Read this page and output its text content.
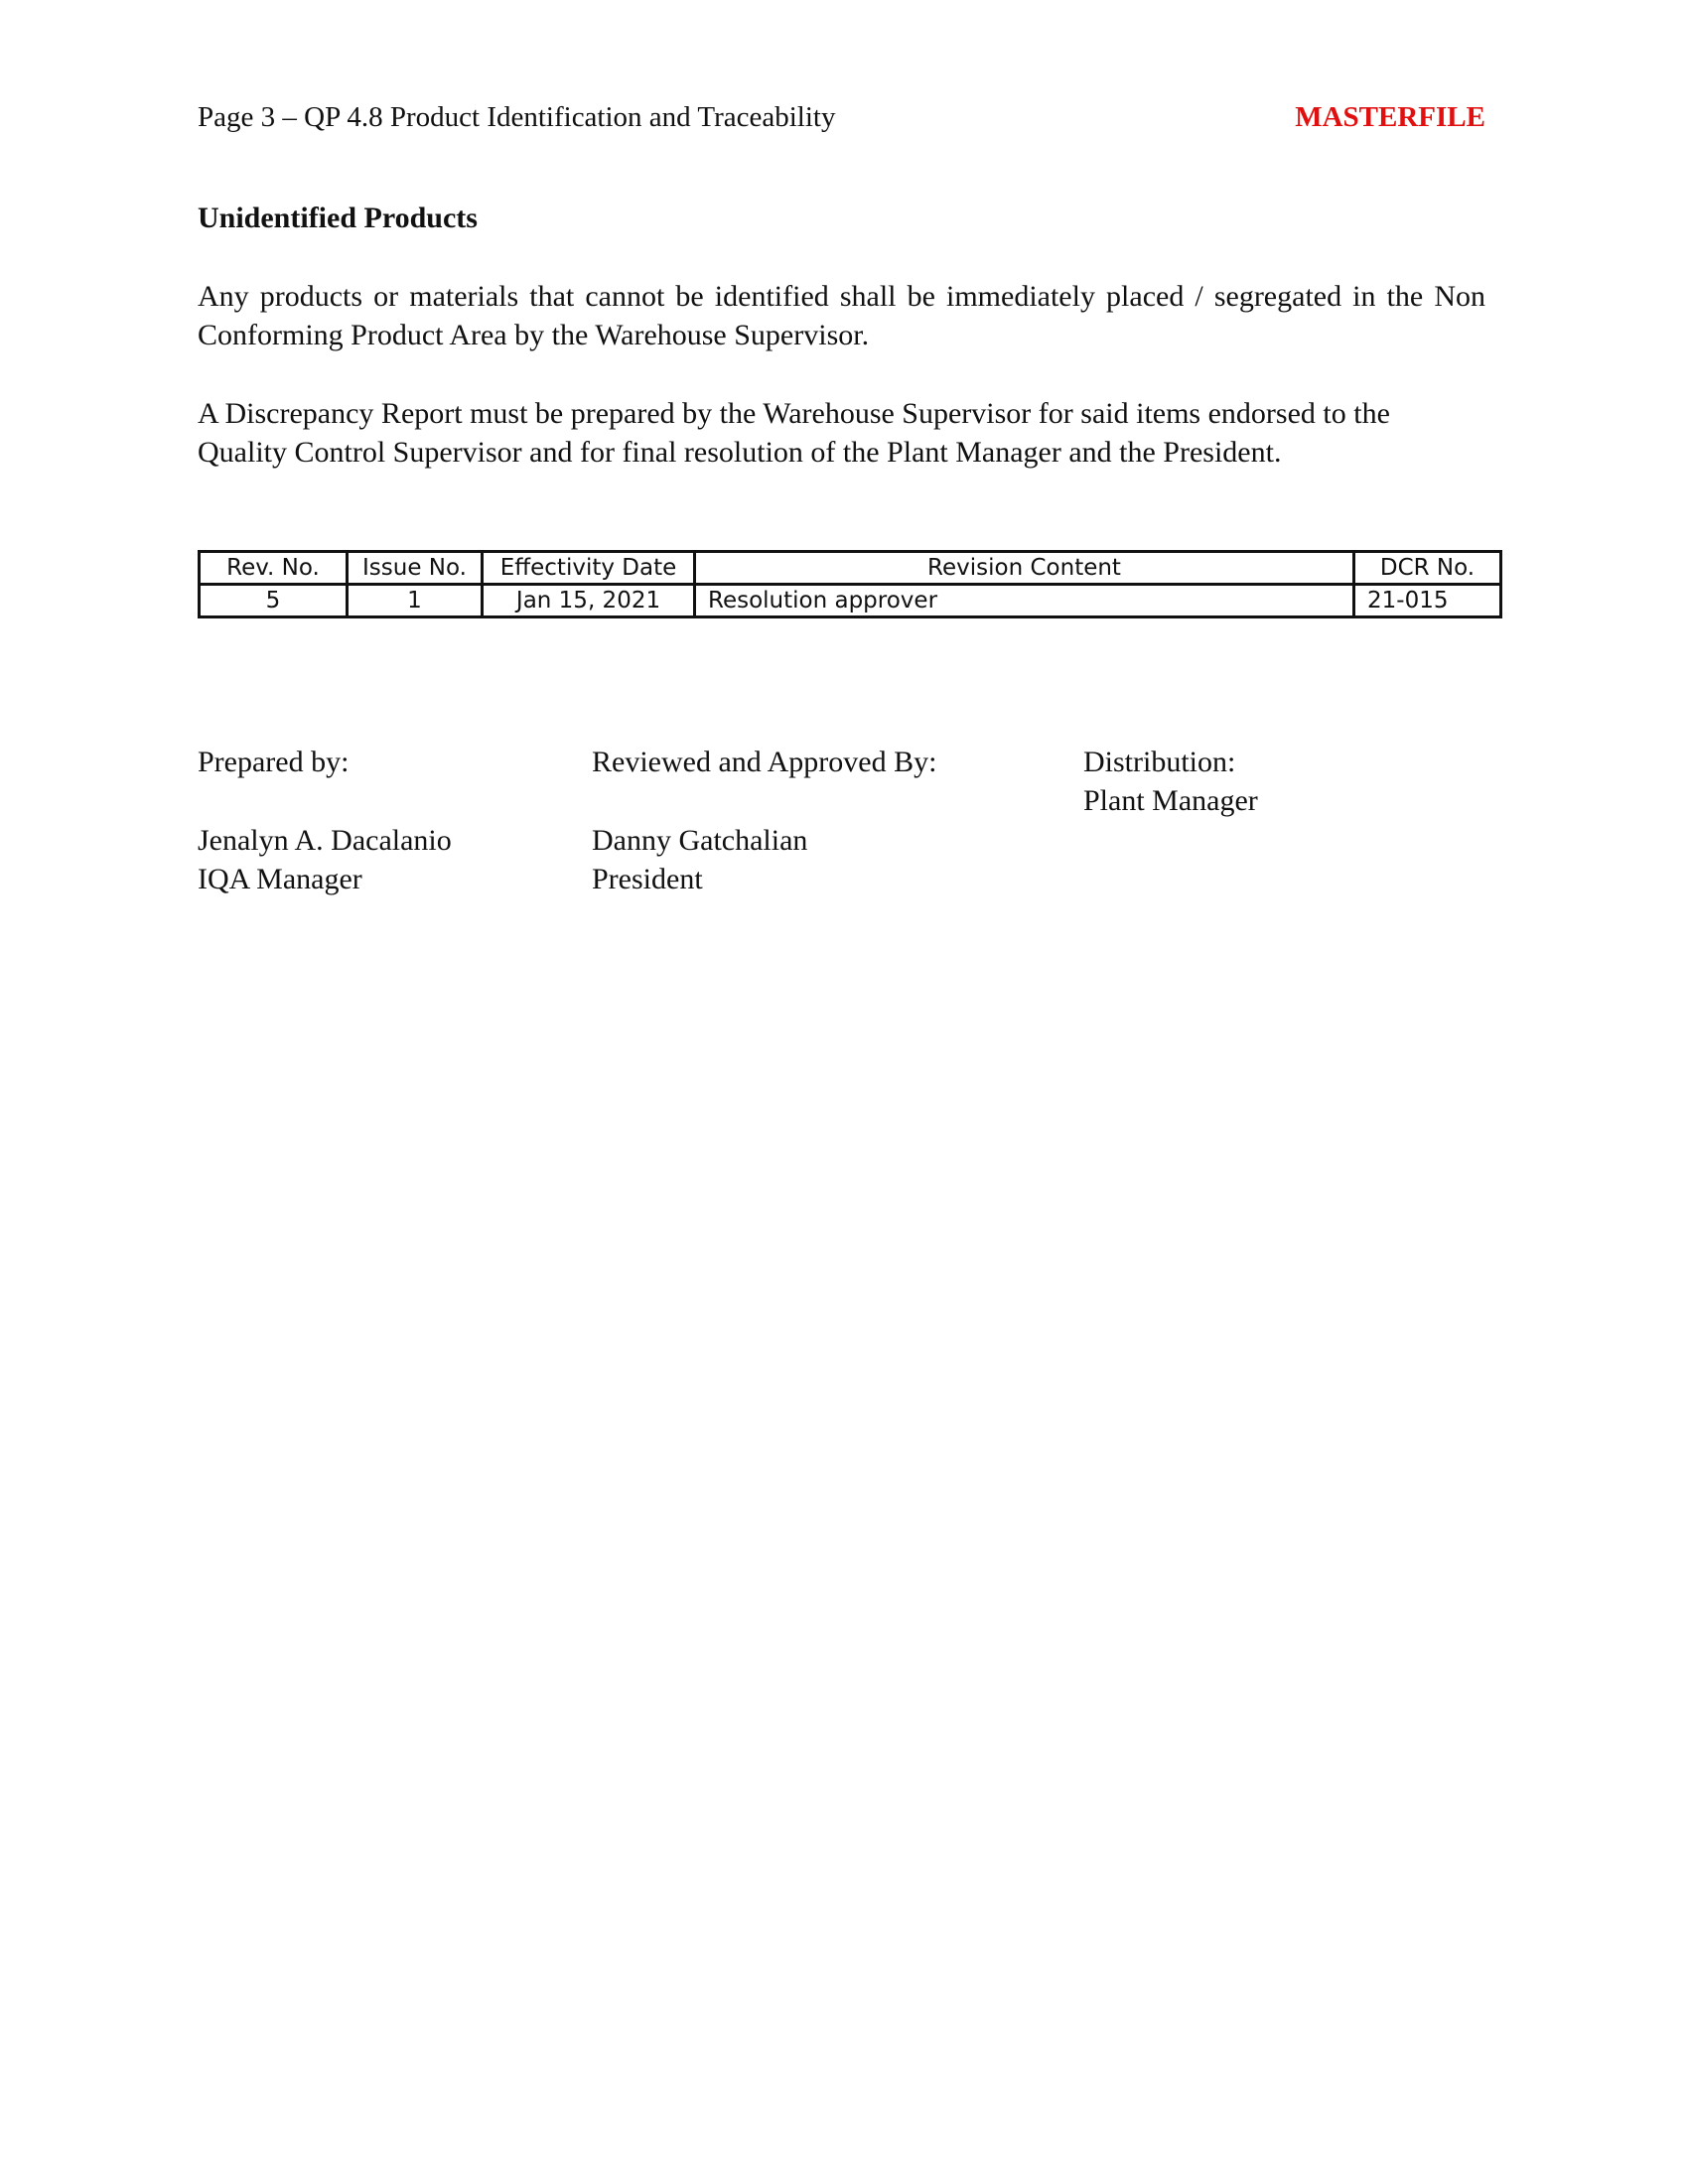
Page 3 – QP 4.8 Product Identification and Traceability	MASTERFILE
Unidentified Products
Any products or materials that cannot be identified shall be immediately placed / segregated in the Non Conforming Product Area by the Warehouse Supervisor.
A Discrepancy Report must be prepared by the Warehouse Supervisor for said items endorsed to the Quality Control Supervisor and for final resolution of the Plant Manager and the President.
Rev. No.	Issue No.	Effectivity Date	Revision Content	DCR No.
5	1	Jan 15, 2021	Resolution approver	21-015
Prepared by:
Jenalyn A. Dacalanio
IQA Manager
Reviewed and Approved By:
Danny Gatchalian
President
Distribution:
Plant Manager
